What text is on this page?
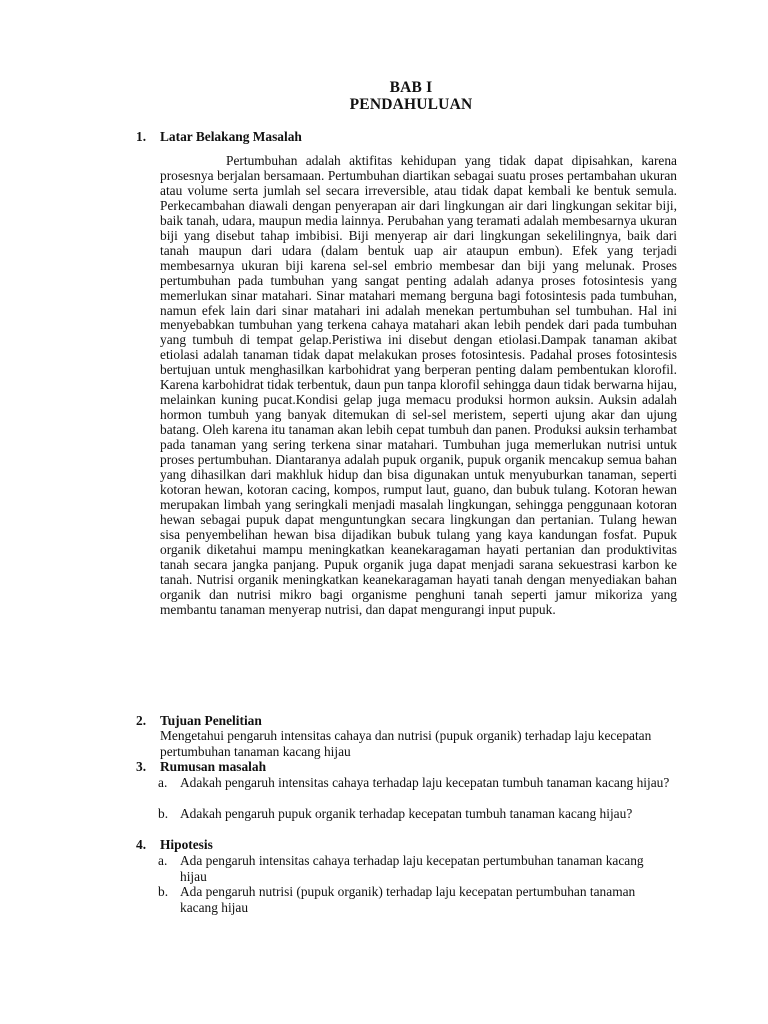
BAB I
PENDAHULUAN
1. Latar Belakang Masalah

Pertumbuhan adalah aktifitas kehidupan yang tidak dapat dipisahkan, karena prosesnya berjalan bersamaan. Pertumbuhan diartikan sebagai suatu proses pertambahan ukuran atau volume serta jumlah sel secara irreversible, atau tidak dapat kembali ke bentuk semula. Perkecambahan diawali dengan penyerapan air dari lingkungan air dari lingkungan sekitar biji, baik tanah, udara, maupun media lainnya. Perubahan yang teramati adalah membesarnya ukuran biji yang disebut tahap imbibisi. Biji menyerap air dari lingkungan sekelilingnya, baik dari tanah maupun dari udara (dalam bentuk uap air ataupun embun). Efek yang terjadi membesarnya ukuran biji karena sel-sel embrio membesar dan biji yang melunak. Proses pertumbuhan pada tumbuhan yang sangat penting adalah adanya proses fotosintesis yang memerlukan sinar matahari. Sinar matahari memang berguna bagi fotosintesis pada tumbuhan, namun efek lain dari sinar matahari ini adalah menekan pertumbuhan sel tumbuhan. Hal ini menyebabkan tumbuhan yang terkena cahaya matahari akan lebih pendek dari pada tumbuhan yang tumbuh di tempat gelap.Peristiwa ini disebut dengan etiolasi.Dampak tanaman akibat etiolasi adalah tanaman tidak dapat melakukan proses fotosintesis. Padahal proses fotosintesis bertujuan untuk menghasilkan karbohidrat yang berperan penting dalam pembentukan klorofil. Karena karbohidrat tidak terbentuk, daun pun tanpa klorofil sehingga daun tidak berwarna hijau, melainkan kuning pucat.Kondisi gelap juga memacu produksi hormon auksin. Auksin adalah hormon tumbuh yang banyak ditemukan di sel-sel meristem, seperti ujung akar dan ujung batang. Oleh karena itu tanaman akan lebih cepat tumbuh dan panen. Produksi auksin terhambat pada tanaman yang sering terkena sinar matahari. Tumbuhan juga memerlukan nutrisi untuk proses pertumbuhan. Diantaranya adalah pupuk organik, pupuk organik mencakup semua bahan yang dihasilkan dari makhluk hidup dan bisa digunakan untuk menyuburkan tanaman, seperti kotoran hewan, kotoran cacing, kompos, rumput laut, guano, dan bubuk tulang. Kotoran hewan merupakan limbah yang seringkali menjadi masalah lingkungan, sehingga penggunaan kotoran hewan sebagai pupuk dapat menguntungkan secara lingkungan dan pertanian. Tulang hewan sisa penyembelihan hewan bisa dijadikan bubuk tulang yang kaya kandungan fosfat. Pupuk organik diketahui mampu meningkatkan keanekaragaman hayati pertanian dan produktivitas tanah secara jangka panjang. Pupuk organik juga dapat menjadi sarana sekuestrasi karbon ke tanah. Nutrisi organik meningkatkan keanekaragaman hayati tanah dengan menyediakan bahan organik dan nutrisi mikro bagi organisme penghuni tanah seperti jamur mikoriza yang membantu tanaman menyerap nutrisi, dan dapat mengurangi input pupuk.

2. Tujuan Penelitian

Mengetahui pengaruh intensitas cahaya dan nutrisi (pupuk organik) terhadap laju kecepatan pertumbuhan tanaman kacang hijau

3. Rumusan masalah
a. Adakah pengaruh intensitas cahaya terhadap laju kecepatan tumbuh tanaman kacang hijau?
b. Adakah pengaruh pupuk organik terhadap kecepatan tumbuh tanaman kacang hijau?
4. Hipotesis
a. Ada pengaruh intensitas cahaya terhadap laju kecepatan pertumbuhan tanaman kacang hijau
b. Ada pengaruh nutrisi (pupuk organik) terhadap laju kecepatan pertumbuhan tanaman kacang hijau
